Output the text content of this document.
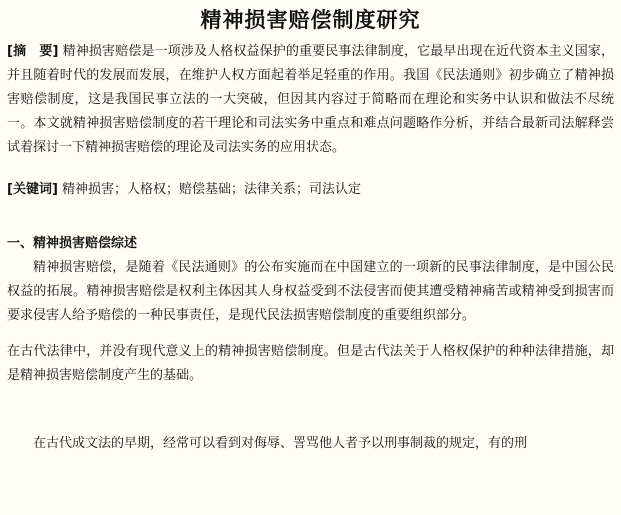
精神损害赔偿制度研究

[摘　要] 精神损害赔偿是一项涉及人格权益保护的重要民事法律制度，它最早出现在近代资本主义国家，并且随着时代的发展而发展，在维护人权方面起着举足轻重的作用。我国《民法通则》初步确立了精神损害赔偿制度，这是我国民事立法的一大突破，但因其内容过于简略而在理论和实务中认识和做法不尽统一。本文就精神损害赔偿制度的若干理论和司法实务中重点和难点问题略作分析，并结合最新司法解释尝试着探讨一下精神损害赔偿的理论及司法实务的应用状态。

[关键词] 精神损害；人格权；赔偿基础；法律关系；司法认定

一、精神损害赔偿综述

精神损害赔偿，是随着《民法通则》的公布实施而在中国建立的一项新的民事法律制度，是中国公民权益的拓展。精神损害赔偿是权利主体因其人身权益受到不法侵害而使其遭受精神痛苦或精神受到损害而要求侵害人给予赔偿的一种民事责任，是现代民法损害赔偿制度的重要组织部分。

在古代法律中，并没有现代意义上的精神损害赔偿制度。但是古代法关于人格权保护的种种法律措施，却是精神损害赔偿制度产生的基础。

在古代成文法的早期，经常可以看到对侮辱、詈骂他人者予以刑事制裁的规定，有的刑
